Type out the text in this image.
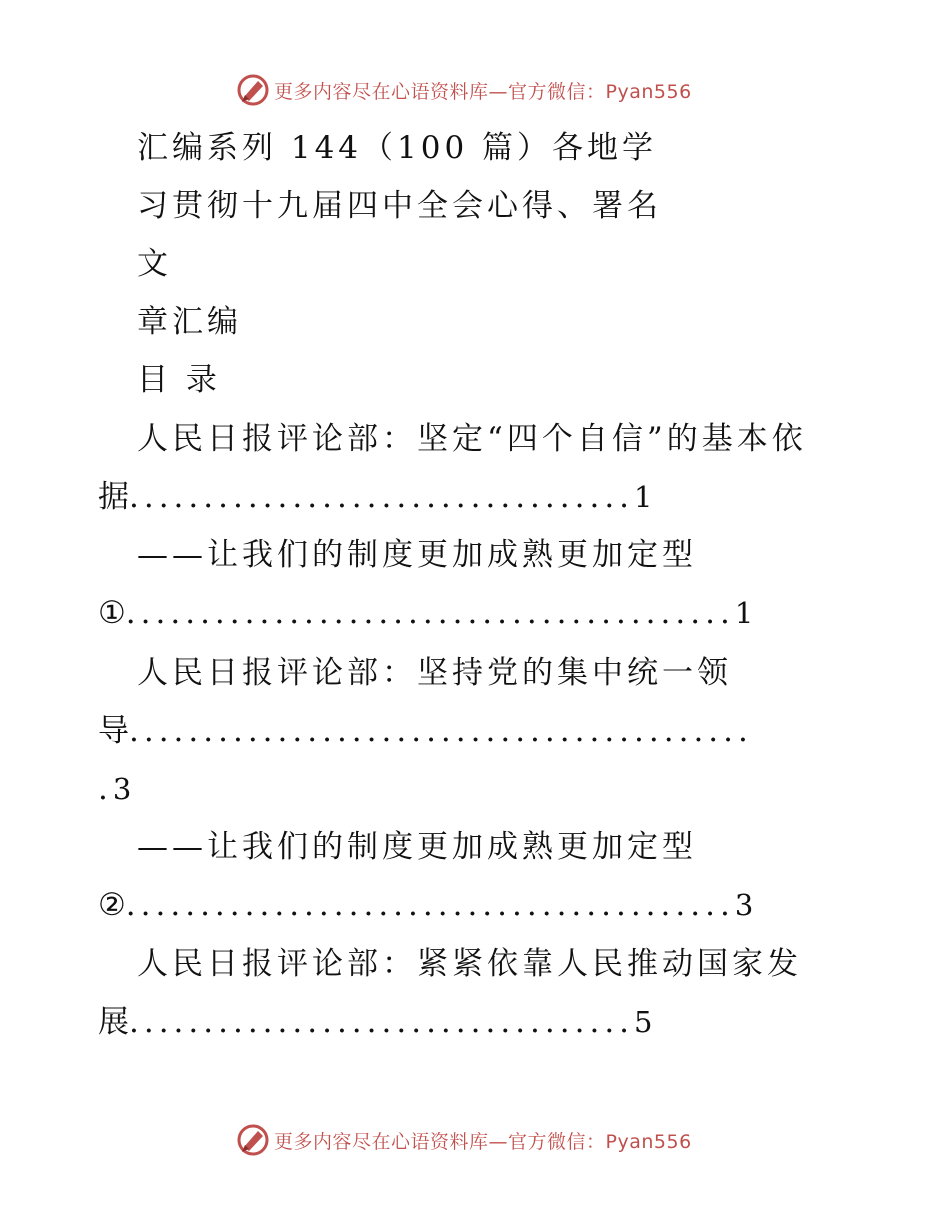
更多内容尽在心语资料库—官方微信：Pyan556
汇编系列 144（100 篇）各地学
习贯彻十九届四中全会心得、署名
文
章汇编
目 录
人民日报评论部：坚定“四个自信”的基本依
据 .................................. 1
——让我们的制度更加成熟更加定型
① ......................................... 1
人民日报评论部：坚持党的集中统一领
导 ..........................................
. 3
——让我们的制度更加成熟更加定型
② ......................................... 3
人民日报评论部：紧紧依靠人民推动国家发
展 .................................. 5
更多内容尽在心语资料库—官方微信：Pyan556
